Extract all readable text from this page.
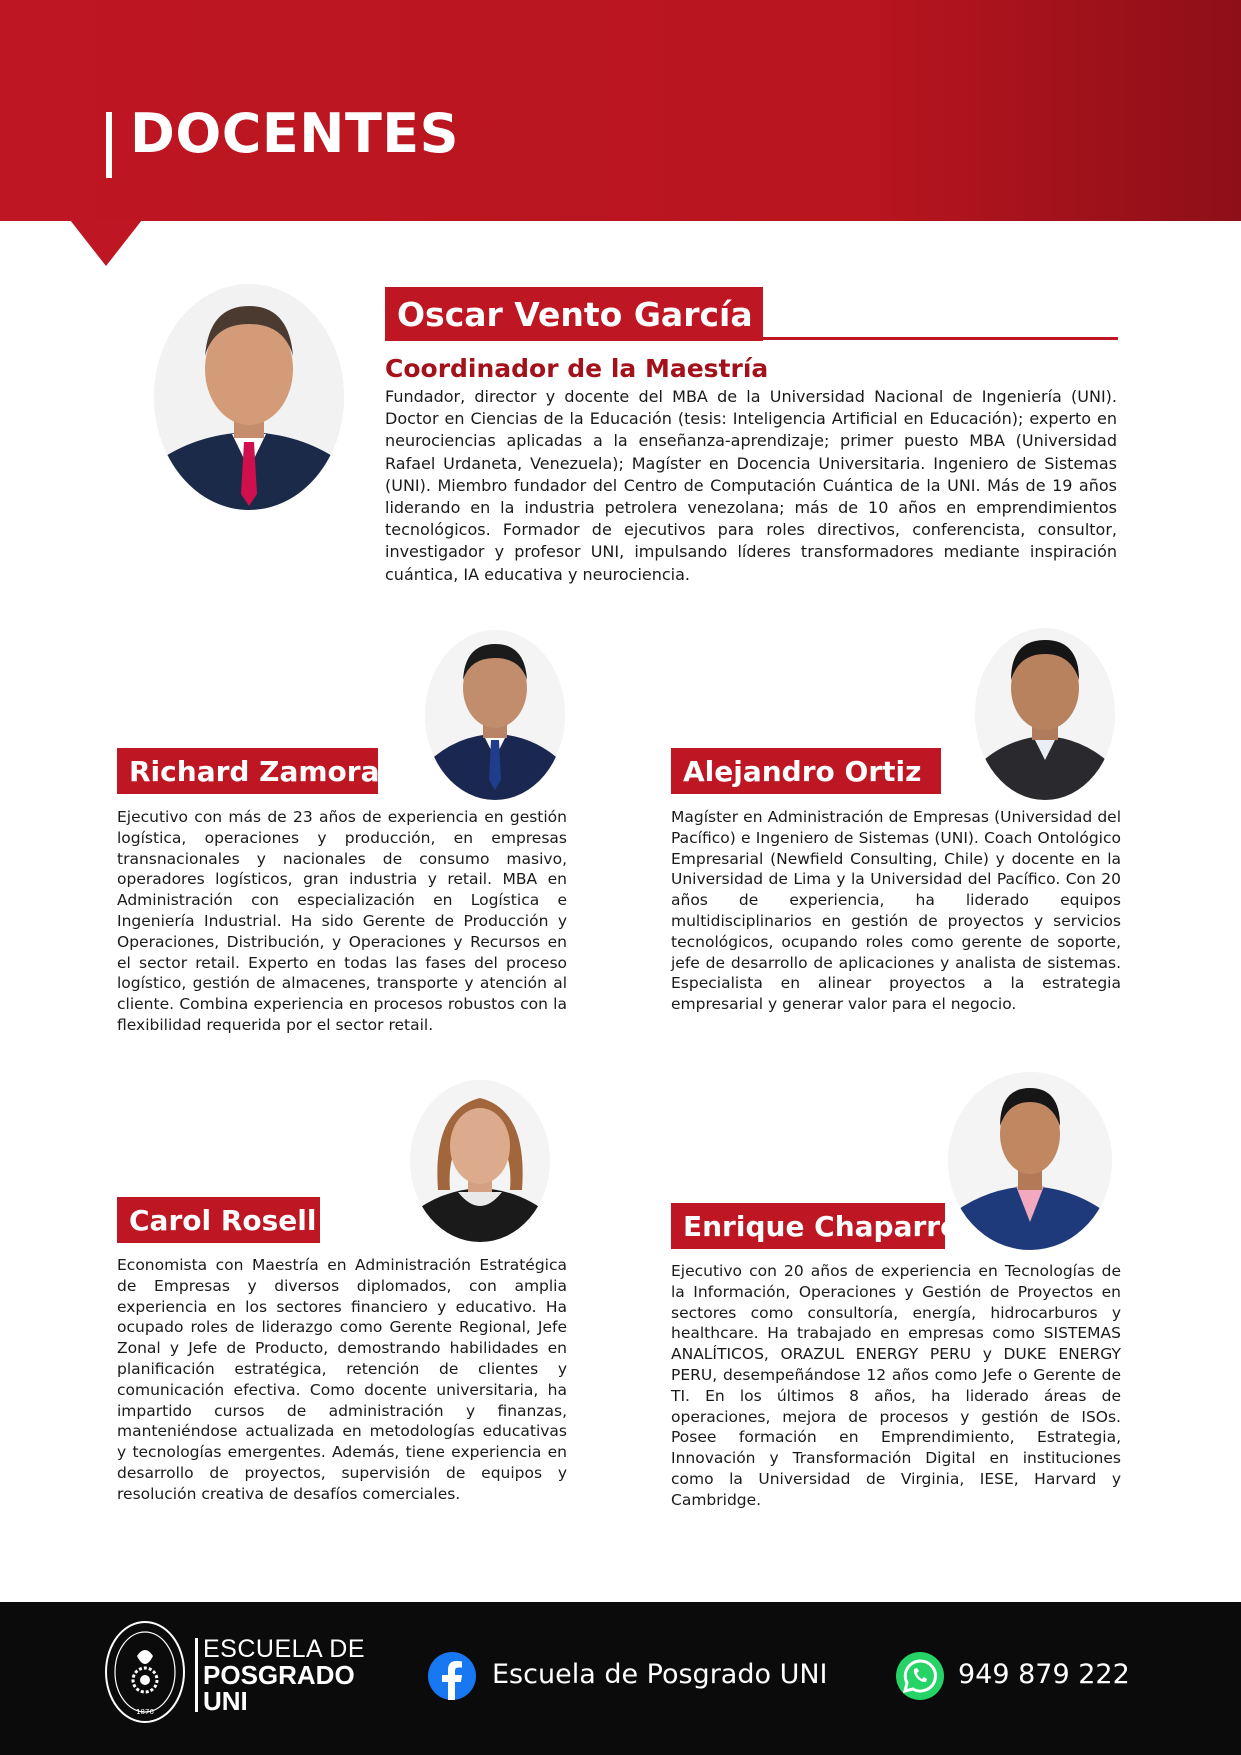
DOCENTES
Oscar Vento García
Coordinador de la Maestría
Fundador, director y docente del MBA de la Universidad Nacional de Ingeniería (UNI). Doctor en Ciencias de la Educación (tesis: Inteligencia Artificial en Educación); experto en neurociencias aplicadas a la enseñanza-aprendizaje; primer puesto MBA (Universidad Rafael Urdaneta, Venezuela); Magíster en Docencia Universitaria. Ingeniero de Sistemas (UNI). Miembro fundador del Centro de Computación Cuántica de la UNI. Más de 19 años liderando en la industria petrolera venezolana; más de 10 años en emprendimientos tecnológicos. Formador de ejecutivos para roles directivos, conferencista, consultor, investigador y profesor UNI, impulsando líderes transformadores mediante inspiración cuántica, IA educativa y neurociencia.
Richard Zamora
Ejecutivo con más de 23 años de experiencia en gestión logística, operaciones y producción, en empresas transnacionales y nacionales de consumo masivo, operadores logísticos, gran industria y retail. MBA en Administración con especialización en Logística e Ingeniería Industrial. Ha sido Gerente de Producción y Operaciones, Distribución, y Operaciones y Recursos en el sector retail. Experto en todas las fases del proceso logístico, gestión de almacenes, transporte y atención al cliente. Combina experiencia en procesos robustos con la flexibilidad requerida por el sector retail.
Alejandro Ortiz
Magíster en Administración de Empresas (Universidad del Pacífico) e Ingeniero de Sistemas (UNI). Coach Ontológico Empresarial (Newfield Consulting, Chile) y docente en la Universidad de Lima y la Universidad del Pacífico. Con 20 años de experiencia, ha liderado equipos multidisciplinarios en gestión de proyectos y servicios tecnológicos, ocupando roles como gerente de soporte, jefe de desarrollo de aplicaciones y analista de sistemas. Especialista en alinear proyectos a la estrategia empresarial y generar valor para el negocio.
Carol Rosell
Economista con Maestría en Administración Estratégica de Empresas y diversos diplomados, con amplia experiencia en los sectores financiero y educativo. Ha ocupado roles de liderazgo como Gerente Regional, Jefe Zonal y Jefe de Producto, demostrando habilidades en planificación estratégica, retención de clientes y comunicación efectiva. Como docente universitaria, ha impartido cursos de administración y finanzas, manteniéndose actualizada en metodologías educativas y tecnologías emergentes. Además, tiene experiencia en desarrollo de proyectos, supervisión de equipos y resolución creativa de desafíos comerciales.
Enrique Chaparro
Ejecutivo con 20 años de experiencia en Tecnologías de la Información, Operaciones y Gestión de Proyectos en sectores como consultoría, energía, hidrocarburos y healthcare. Ha trabajado en empresas como SISTEMAS ANALÍTICOS, ORAZUL ENERGY PERU y DUKE ENERGY PERU, desempeñándose 12 años como Jefe o Gerente de TI. En los últimos 8 años, ha liderado áreas de operaciones, mejora de procesos y gestión de ISOs. Posee formación en Emprendimiento, Estrategia, Innovación y Transformación Digital en instituciones como la Universidad de Virginia, IESE, Harvard y Cambridge.
1876
ESCUELA DE
POSGRADO
UNI
Escuela de Posgrado UNI	949 879 222
